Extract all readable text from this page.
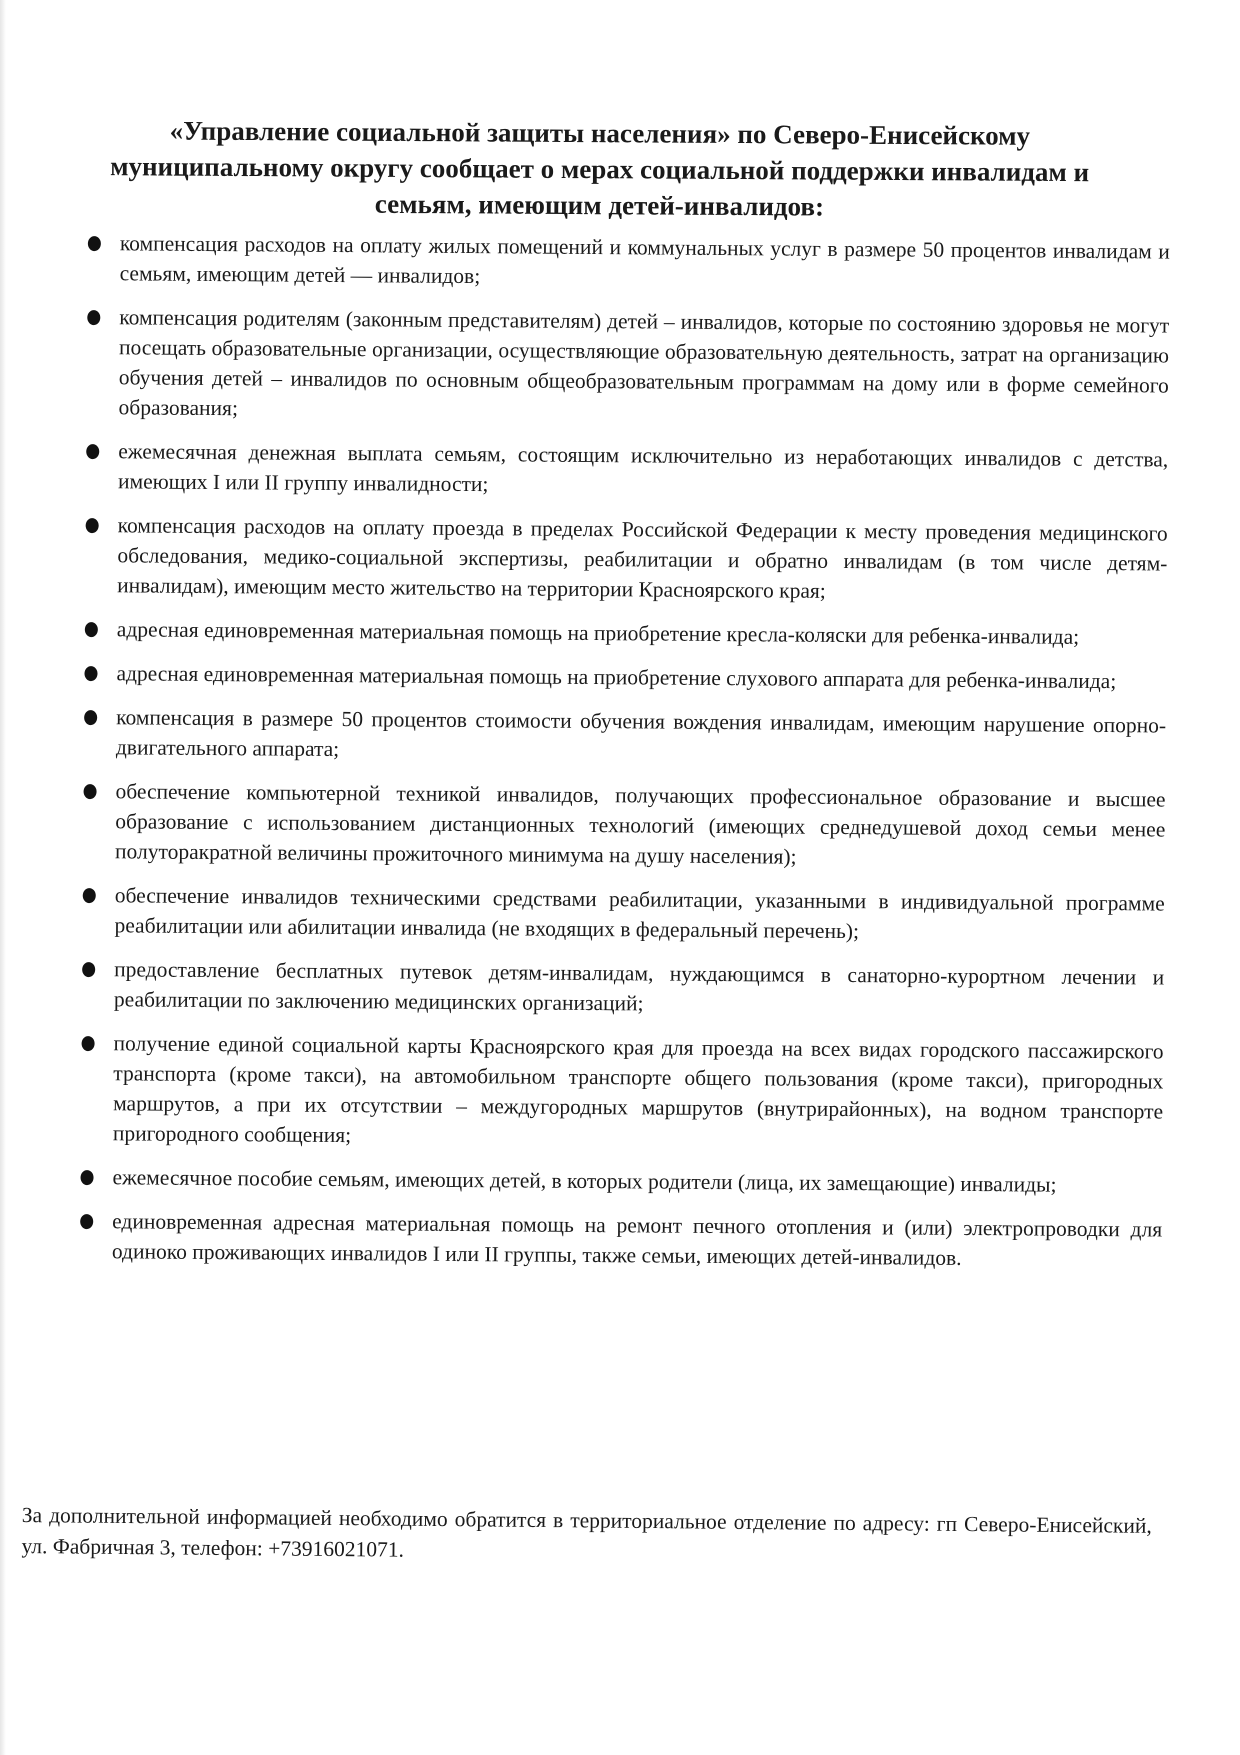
«Управление социальной защиты населения» по Северо-Енисейскому муниципальному округу сообщает о мерах социальной поддержки инвалидам и семьям, имеющим детей-инвалидов:
компенсация расходов на оплату жилых помещений и коммунальных услуг в размере 50 процентов инвалидам и семьям, имеющим детей — инвалидов;
компенсация родителям (законным представителям) детей – инвалидов, которые по состоянию здоровья не могут посещать образовательные организации, осуществляющие образовательную деятельность, затрат на организацию обучения детей – инвалидов по основным общеобразовательным программам на дому или в форме семейного образования;
ежемесячная денежная выплата семьям, состоящим исключительно из неработающих инвалидов с детства, имеющих I или II группу инвалидности;
компенсация расходов на оплату проезда в пределах Российской Федерации к месту проведения медицинского обследования, медико-социальной экспертизы, реабилитации и обратно инвалидам (в том числе детям-инвалидам), имеющим место жительство на территории Красноярского края;
адресная единовременная материальная помощь на приобретение кресла-коляски для ребенка-инвалида;
адресная единовременная материальная помощь на приобретение слухового аппарата для ребенка-инвалида;
компенсация в размере 50 процентов стоимости обучения вождения инвалидам, имеющим нарушение опорно-двигательного аппарата;
обеспечение компьютерной техникой инвалидов, получающих профессиональное образование и высшее образование с использованием дистанционных технологий (имеющих среднедушевой доход семьи менее полуторакратной величины прожиточного минимума на душу населения);
обеспечение инвалидов техническими средствами реабилитации, указанными в индивидуальной программе реабилитации или абилитации инвалида (не входящих в федеральный перечень);
предоставление бесплатных путевок детям-инвалидам, нуждающимся в санаторно-курортном лечении и реабилитации по заключению медицинских организаций;
получение единой социальной карты Красноярского края для проезда на всех видах городского пассажирского транспорта (кроме такси), на автомобильном транспорте общего пользования (кроме такси), пригородных маршрутов, а при их отсутствии – междугородных маршрутов (внутрирайонных), на водном транспорте пригородного сообщения;
ежемесячное пособие семьям, имеющих детей, в которых родители (лица, их замещающие) инвалиды;
единовременная адресная материальная помощь на ремонт печного отопления и (или) электропроводки для одиноко проживающих инвалидов I или II группы, также семьи, имеющих детей-инвалидов.
За дополнительной информацией необходимо обратится в территориальное отделение по адресу: гп Северо-Енисейский, ул. Фабричная 3, телефон: +73916021071.
